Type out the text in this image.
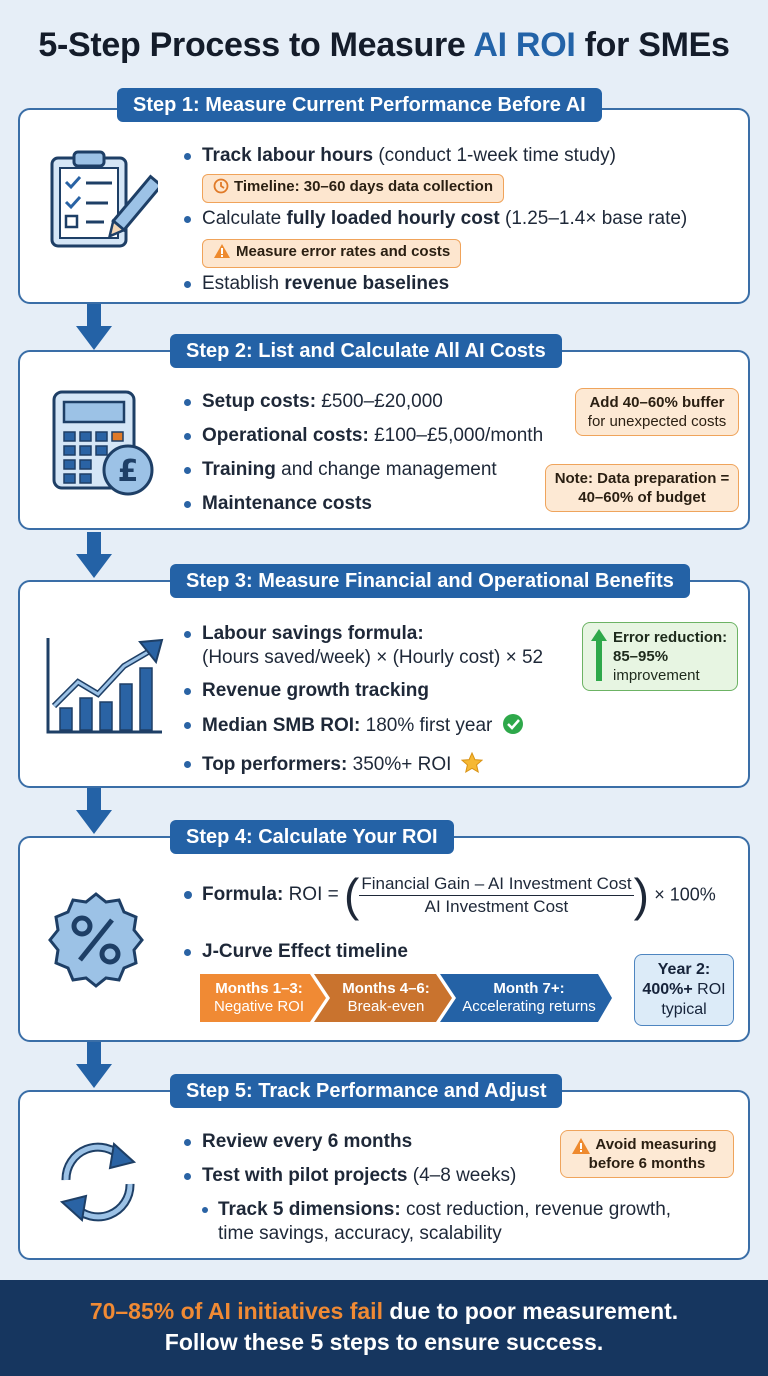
5-Step Process to Measure AI ROI for SMEs
Track labour hours (conduct 1-week time study)
Timeline: 30–60 days data collection
Calculate fully loaded hourly cost (1.25–1.4× base rate)
Measure error rates and costs
Establish revenue baselines
Step 1: Measure Current Performance Before AI
£
Setup costs: £500–£20,000
Operational costs: £100–£5,000/month
Training and change management
Maintenance costs
Add 40–60% buffer
for unexpected costs
Note: Data preparation = 40–60% of budget
Step 2: List and Calculate All AI Costs
Labour savings formula:
(Hours saved/week) × (Hourly cost) × 52
Revenue growth tracking
Median SMB ROI: 180% first year
Top performers: 350%+ ROI
Error reduction:
85–95%
improvement
Step 3: Measure Financial and Operational Benefits
Formula: ROI = ( $\frac{\text{Financial Gain – AI Investment Cost}}{\text{AI Investment Cost}}$ ) × 100%
J-Curve Effect timeline
Months 1–3:
Negative ROI
Months 4–6:
Break-even
Month 7+:
Accelerating returns
Year 2:
400%+ ROI
typical
Step 4: Calculate Your ROI
Review every 6 months
Test with pilot projects (4–8 weeks)
Track 5 dimensions: cost reduction, revenue growth,
time savings, accuracy, scalability
Avoid measuring
before 6 months
Step 5: Track Performance and Adjust
70–85% of AI initiatives fail due to poor measurement.
Follow these 5 steps to ensure success.
